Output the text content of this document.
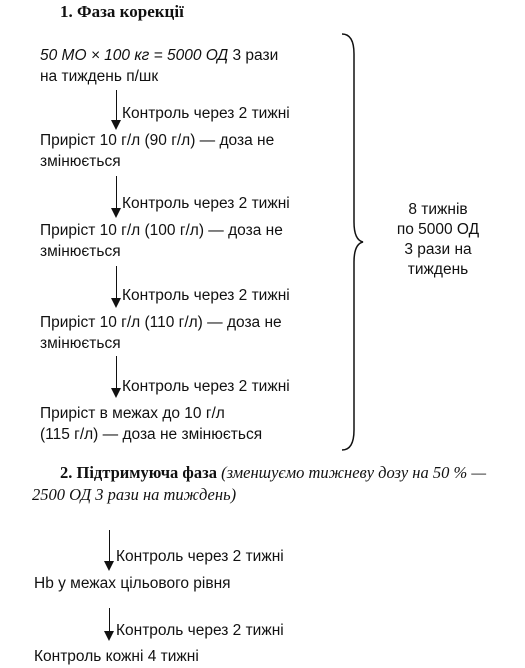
1. Фаза корекції
50 МО × 100 кг = 5000 ОД 3 рази
на тиждень п/шк
Контроль через 2 тижні
Приріст 10 г/л (90 г/л) — доза не
змінюється
Контроль через 2 тижні
Приріст 10 г/л (100 г/л) — доза не
змінюється
Контроль через 2 тижні
Приріст 10 г/л (110 г/л) — доза не
змінюється
Контроль через 2 тижні
Приріст в межах до 10 г/л
(115 г/л) — доза не змінюється
8 тижнів
по 5000 ОД
3 рази на
тиждень
2. Підтримуюча фаза (зменшуємо тижневу дозу на 50 % — 2500 ОД 3 рази на тиждень)
Контроль через 2 тижні
Hb у межах цільового рівня
Контроль через 2 тижні
Контроль кожні 4 тижні
